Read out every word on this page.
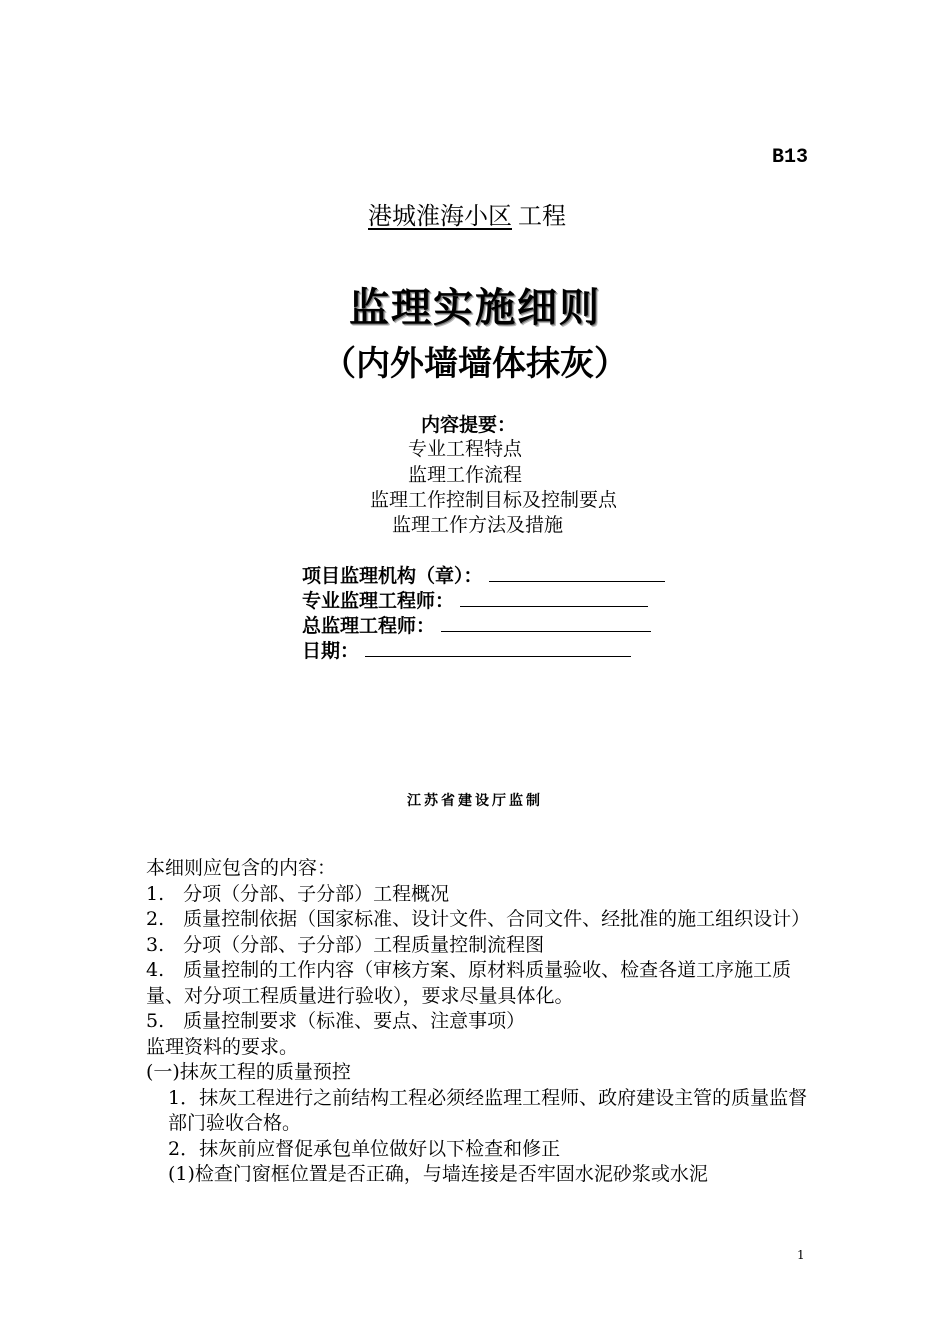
B13
港城淮海小区 工程
监理实施细则
（内外墙墙体抹灰）
内容提要：
专业工程特点
监理工作流程
监理工作控制目标及控制要点
监理工作方法及措施
项目监理机构（章）：
专业监理工程师：
总监理工程师：
日期：
江苏省建设厅监制

本细则应包含的内容：

1.　分项（分部、子分部）工程概况

2.　质量控制依据（国家标准、设计文件、合同文件、经批准的施工组织设计）

3.　分项（分部、子分部）工程质量控制流程图

4.　质量控制的工作内容（审核方案、原材料质量验收、检查各道工序施工质量、对分项工程质量进行验收），要求尽量具体化。

5.　质量控制要求（标准、要点、注意事项）

监理资料的要求。

(一)抹灰工程的质量预控

1．抹灰工程进行之前结构工程必须经监理工程师、政府建设主管的质量监督部门验收合格。

2．抹灰前应督促承包单位做好以下检查和修正

(1)检查门窗框位置是否正确，与墙连接是否牢固水泥砂浆或水泥

1
